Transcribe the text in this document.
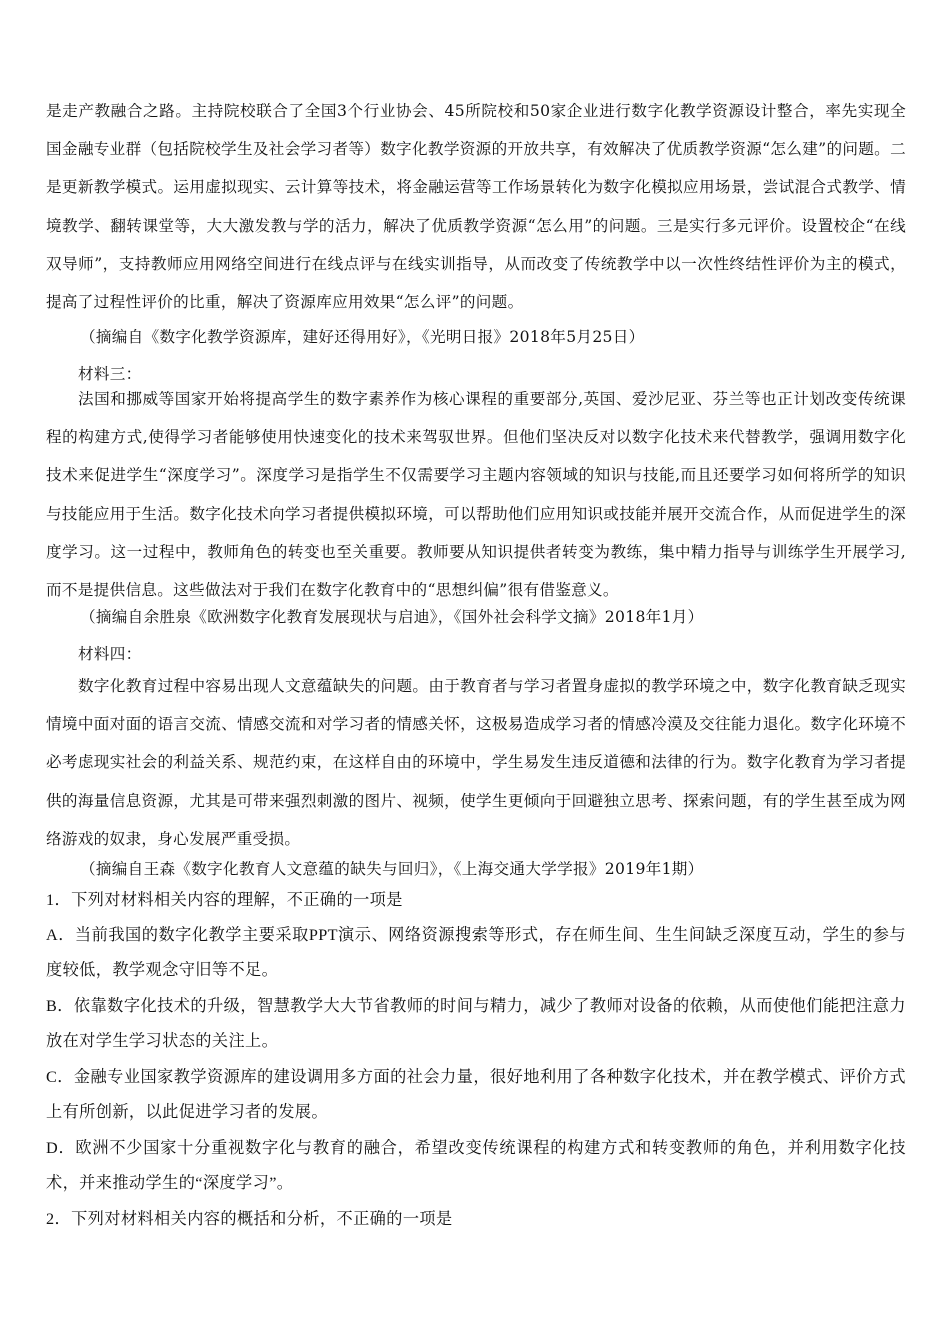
是走产教融合之路。主持院校联合了全国3个行业协会、45所院校和50家企业进行数字化教学资源设计整合，率先实现全国金融专业群（包括院校学生及社会学习者等）数字化教学资源的开放共享，有效解决了优质教学资源“怎么建”的问题。二是更新教学模式。运用虚拟现实、云计算等技术，将金融运营等工作场景转化为数字化模拟应用场景，尝试混合式教学、情境教学、翻转课堂等，大大激发教与学的活力，解决了优质教学资源“怎么用”的问题。三是实行多元评价。设置校企“在线双导师”，支持教师应用网络空间进行在线点评与在线实训指导，从而改变了传统教学中以一次性终结性评价为主的模式，提高了过程性评价的比重，解决了资源库应用效果“怎么评”的问题。

（摘编自《数字化教学资源库，建好还得用好》，《光明日报》2018年5月25日）

材料三：

法国和挪威等国家开始将提高学生的数字素养作为核心课程的重要部分,英国、爱沙尼亚、芬兰等也正计划改变传统课程的构建方式,使得学习者能够使用快速变化的技术来驾驭世界。但他们坚决反对以数字化技术来代替教学，强调用数字化技术来促进学生“深度学习”。深度学习是指学生不仅需要学习主题内容领域的知识与技能,而且还要学习如何将所学的知识与技能应用于生活。数字化技术向学习者提供模拟环境，可以帮助他们应用知识或技能并展开交流合作，从而促进学生的深度学习。这一过程中，教师角色的转变也至关重要。教师要从知识提供者转变为教练，集中精力指导与训练学生开展学习,而不是提供信息。这些做法对于我们在数字化教育中的“思想纠偏”很有借鉴意义。

（摘编自余胜泉《欧洲数字化教育发展现状与启迪》，《国外社会科学文摘》2018年1月）

材料四：

数字化教育过程中容易出现人文意蕴缺失的问题。由于教育者与学习者置身虚拟的教学环境之中，数字化教育缺乏现实情境中面对面的语言交流、情感交流和对学习者的情感关怀，这极易造成学习者的情感冷漠及交往能力退化。数字化环境不必考虑现实社会的利益关系、规范约束，在这样自由的环境中，学生易发生违反道德和法律的行为。数字化教育为学习者提供的海量信息资源，尤其是可带来强烈刺激的图片、视频，使学生更倾向于回避独立思考、探索问题，有的学生甚至成为网络游戏的奴隶，身心发展严重受损。

（摘编自王森《数字化教育人文意蕴的缺失与回归》，《上海交通大学学报》2019年1期）

1．下列对材料相关内容的理解，不正确的一项是

A．当前我国的数字化教学主要采取PPT演示、网络资源搜索等形式，存在师生间、生生间缺乏深度互动，学生的参与度较低，教学观念守旧等不足。

B．依靠数字化技术的升级，智慧教学大大节省教师的时间与精力，减少了教师对设备的依赖，从而使他们能把注意力放在对学生学习状态的关注上。

C．金融专业国家教学资源库的建设调用多方面的社会力量，很好地利用了各种数字化技术，并在教学模式、评价方式上有所创新，以此促进学习者的发展。

D．欧洲不少国家十分重视数字化与教育的融合，希望改变传统课程的构建方式和转变教师的角色，并利用数字化技术，并来推动学生的“深度学习”。

2．下列对材料相关内容的概括和分析，不正确的一项是
